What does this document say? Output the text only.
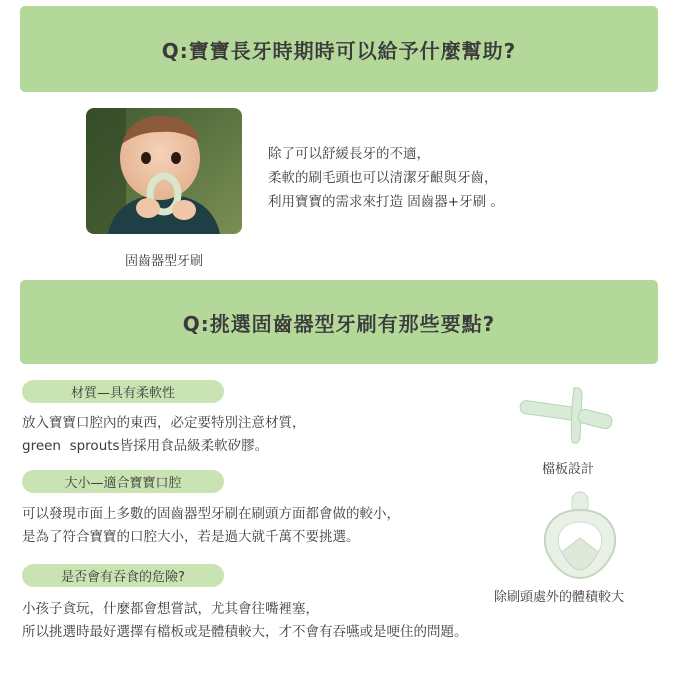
Q:寶寶長牙時期時可以給予什麼幫助?
固齒器型牙刷
除了可以舒緩長牙的不適，
柔軟的刷毛頭也可以清潔牙齦與牙齒，
利用寶寶的需求來打造 固齒器+牙刷 。
Q:挑選固齒器型牙刷有那些要點?
材質—具有柔軟性
放入寶寶口腔內的東西，必定要特別注意材質，
green  sprouts皆採用食品級柔軟矽膠。
大小—適合寶寶口腔
可以發現市面上多數的固齒器型牙刷在刷頭方面都會做的較小，
是為了符合寶寶的口腔大小，若是過大就千萬不要挑選。
是否會有吞食的危險?
小孩子貪玩，什麼都會想嘗試，尤其會往嘴裡塞，
所以挑選時最好選擇有檔板或是體積較大，才不會有吞嚥或是哽住的問題。
檔板設計
除刷頭處外的體積較大
